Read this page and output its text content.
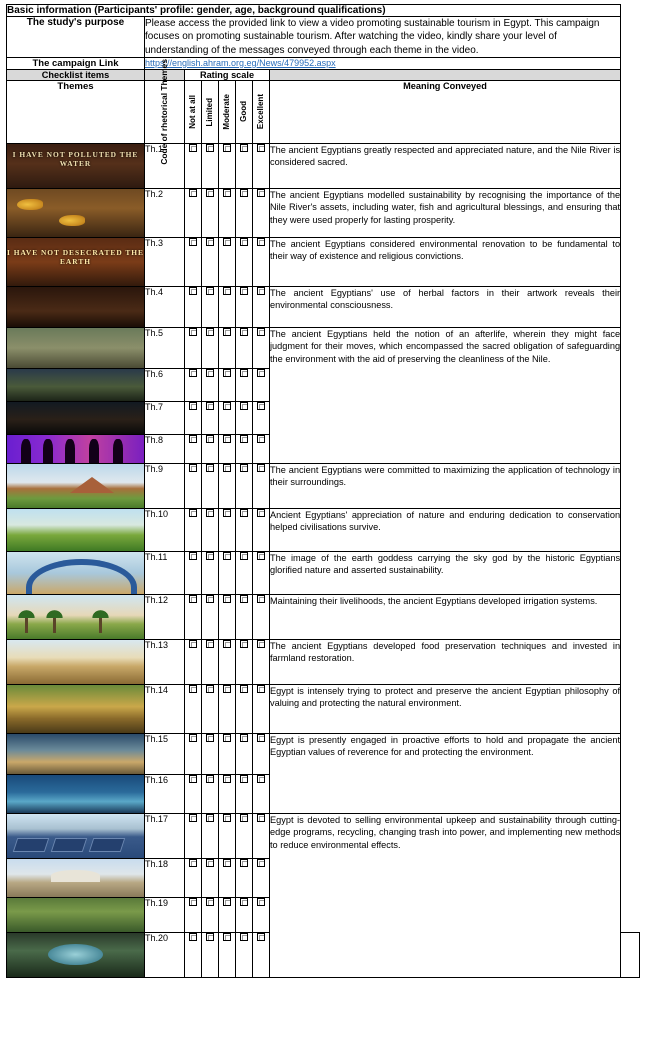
Basic information (Participants' profile: gender, age, background qualifications)								
The study's purpose	Please access the provided link to view a video promoting sustainable tourism in Egypt. This campaign focuses on promoting sustainable tourism. After watching the video, kindly share your level of understanding of the messages conveyed through each theme in the video.							
The campaign Link	https://english.ahram.org.eg/News/479952.aspx							
Checklist items		Rating scale						
Themes	Code of rhetorical Themes	Not at all	Limited	Moderate	Good	Excellent	Meaning Conveyed	

I HAVE NOT POLLUTED THE WATER	Th.1						The ancient Egyptians greatly respected and appreciated nature, and the Nile River is considered sacred.	

	Th.2						The ancient Egyptians modelled sustainability by recognising the importance of the Nile River's assets, including water, fish and agricultural blessings, and ensuring that they were used properly for lasting prosperity.	

I HAVE NOT DESECRATED THE EARTH	Th.3						The ancient Egyptians considered environmental renovation to be fundamental to their way of existence and religious convictions.	

	Th.4						The ancient Egyptians' use of herbal factors in their artwork reveals their environmental consciousness.	

	Th.5						The ancient Egyptians held the notion of an afterlife, wherein they might face judgment for their moves, which encompassed the sacred obligation of safeguarding the environment with the aid of preserving the cleanliness of the Nile.	

	Th.6							

	Th.7							

	Th.8							

	Th.9						The ancient Egyptians were committed to maximizing the application of technology in their surroundings.	

	Th.10						Ancient Egyptians' appreciation of nature and enduring dedication to conservation helped civilisations survive.	

	Th.11						The image of the earth goddess carrying the sky god by the historic Egyptians glorified nature and asserted sustainability.	

	Th.12						Maintaining their livelihoods, the ancient Egyptians developed irrigation systems.	

	Th.13						The ancient Egyptians developed food preservation techniques and invested in farmland restoration.	

	Th.14						Egypt is intensely trying to protect and preserve the ancient Egyptian philosophy of valuing and protecting the natural environment.	

	Th.15						Egypt is presently engaged in proactive efforts to hold and propagate the ancient Egyptian values of reverence for and protecting the environment.	

	Th.16							

	Th.17						Egypt is devoted to selling environmental upkeep and sustainability through cutting-edge programs, recycling, changing trash into power, and implementing new methods to reduce environmental effects.	

	Th.18							

	Th.19							

	Th.20							
